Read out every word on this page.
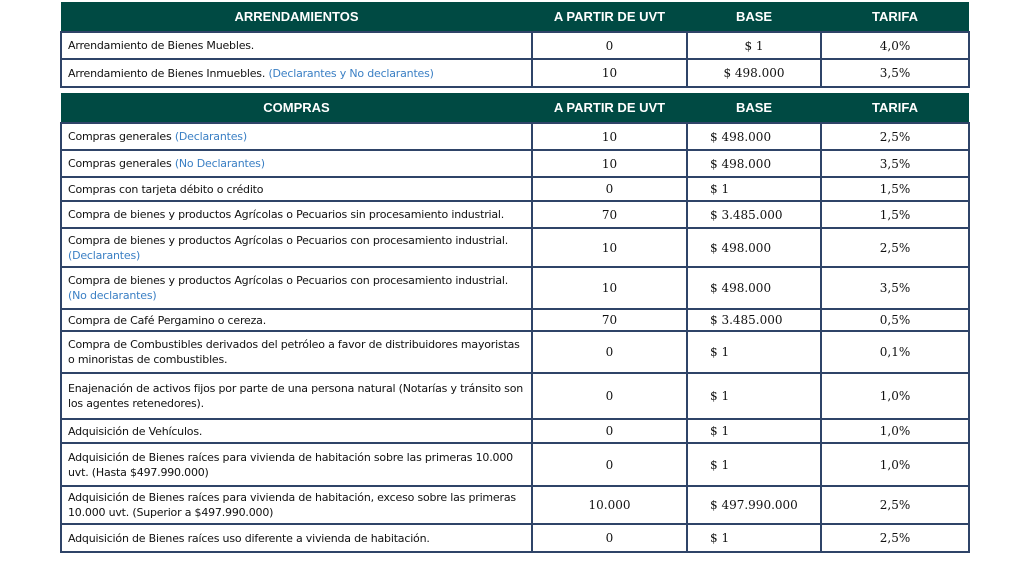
ARRENDAMIENTOS	A PARTIR DE UVT	BASE	TARIFA
Arrendamiento de Bienes Muebles.	0	$ 1	4,0%
Arrendamiento de Bienes Inmuebles. (Declarantes y No declarantes)	10	$ 498.000	3,5%
COMPRAS	A PARTIR DE UVT	BASE	TARIFA
Compras generales (Declarantes)	10	$ 498.000	2,5%
Compras generales (No Declarantes)	10	$ 498.000	3,5%
Compras con tarjeta débito o crédito	0	$ 1	1,5%
Compra de bienes y productos Agrícolas o Pecuarios sin procesamiento industrial.	70	$ 3.485.000	1,5%
Compra de bienes y productos Agrícolas o Pecuarios con procesamiento industrial. (Declarantes)	10	$ 498.000	2,5%
Compra de bienes y productos Agrícolas o Pecuarios con procesamiento industrial. (No declarantes)	10	$ 498.000	3,5%
Compra de Café Pergamino o cereza.	70	$ 3.485.000	0,5%
Compra de Combustibles derivados del petróleo a favor de distribuidores mayoristas o minoristas de combustibles.	0	$ 1	0,1%
Enajenación de activos fijos por parte de una persona natural (Notarías y tránsito son los agentes retenedores).	0	$ 1	1,0%
Adquisición de Vehículos.	0	$ 1	1,0%
Adquisición de Bienes raíces para vivienda de habitación sobre las primeras 10.000 uvt. (Hasta $497.990.000)	0	$ 1	1,0%
Adquisición de Bienes raíces para vivienda de habitación, exceso sobre las primeras 10.000 uvt. (Superior a $497.990.000)	10.000	$ 497.990.000	2,5%
Adquisición de Bienes raíces uso diferente a vivienda de habitación.	0	$ 1	2,5%
